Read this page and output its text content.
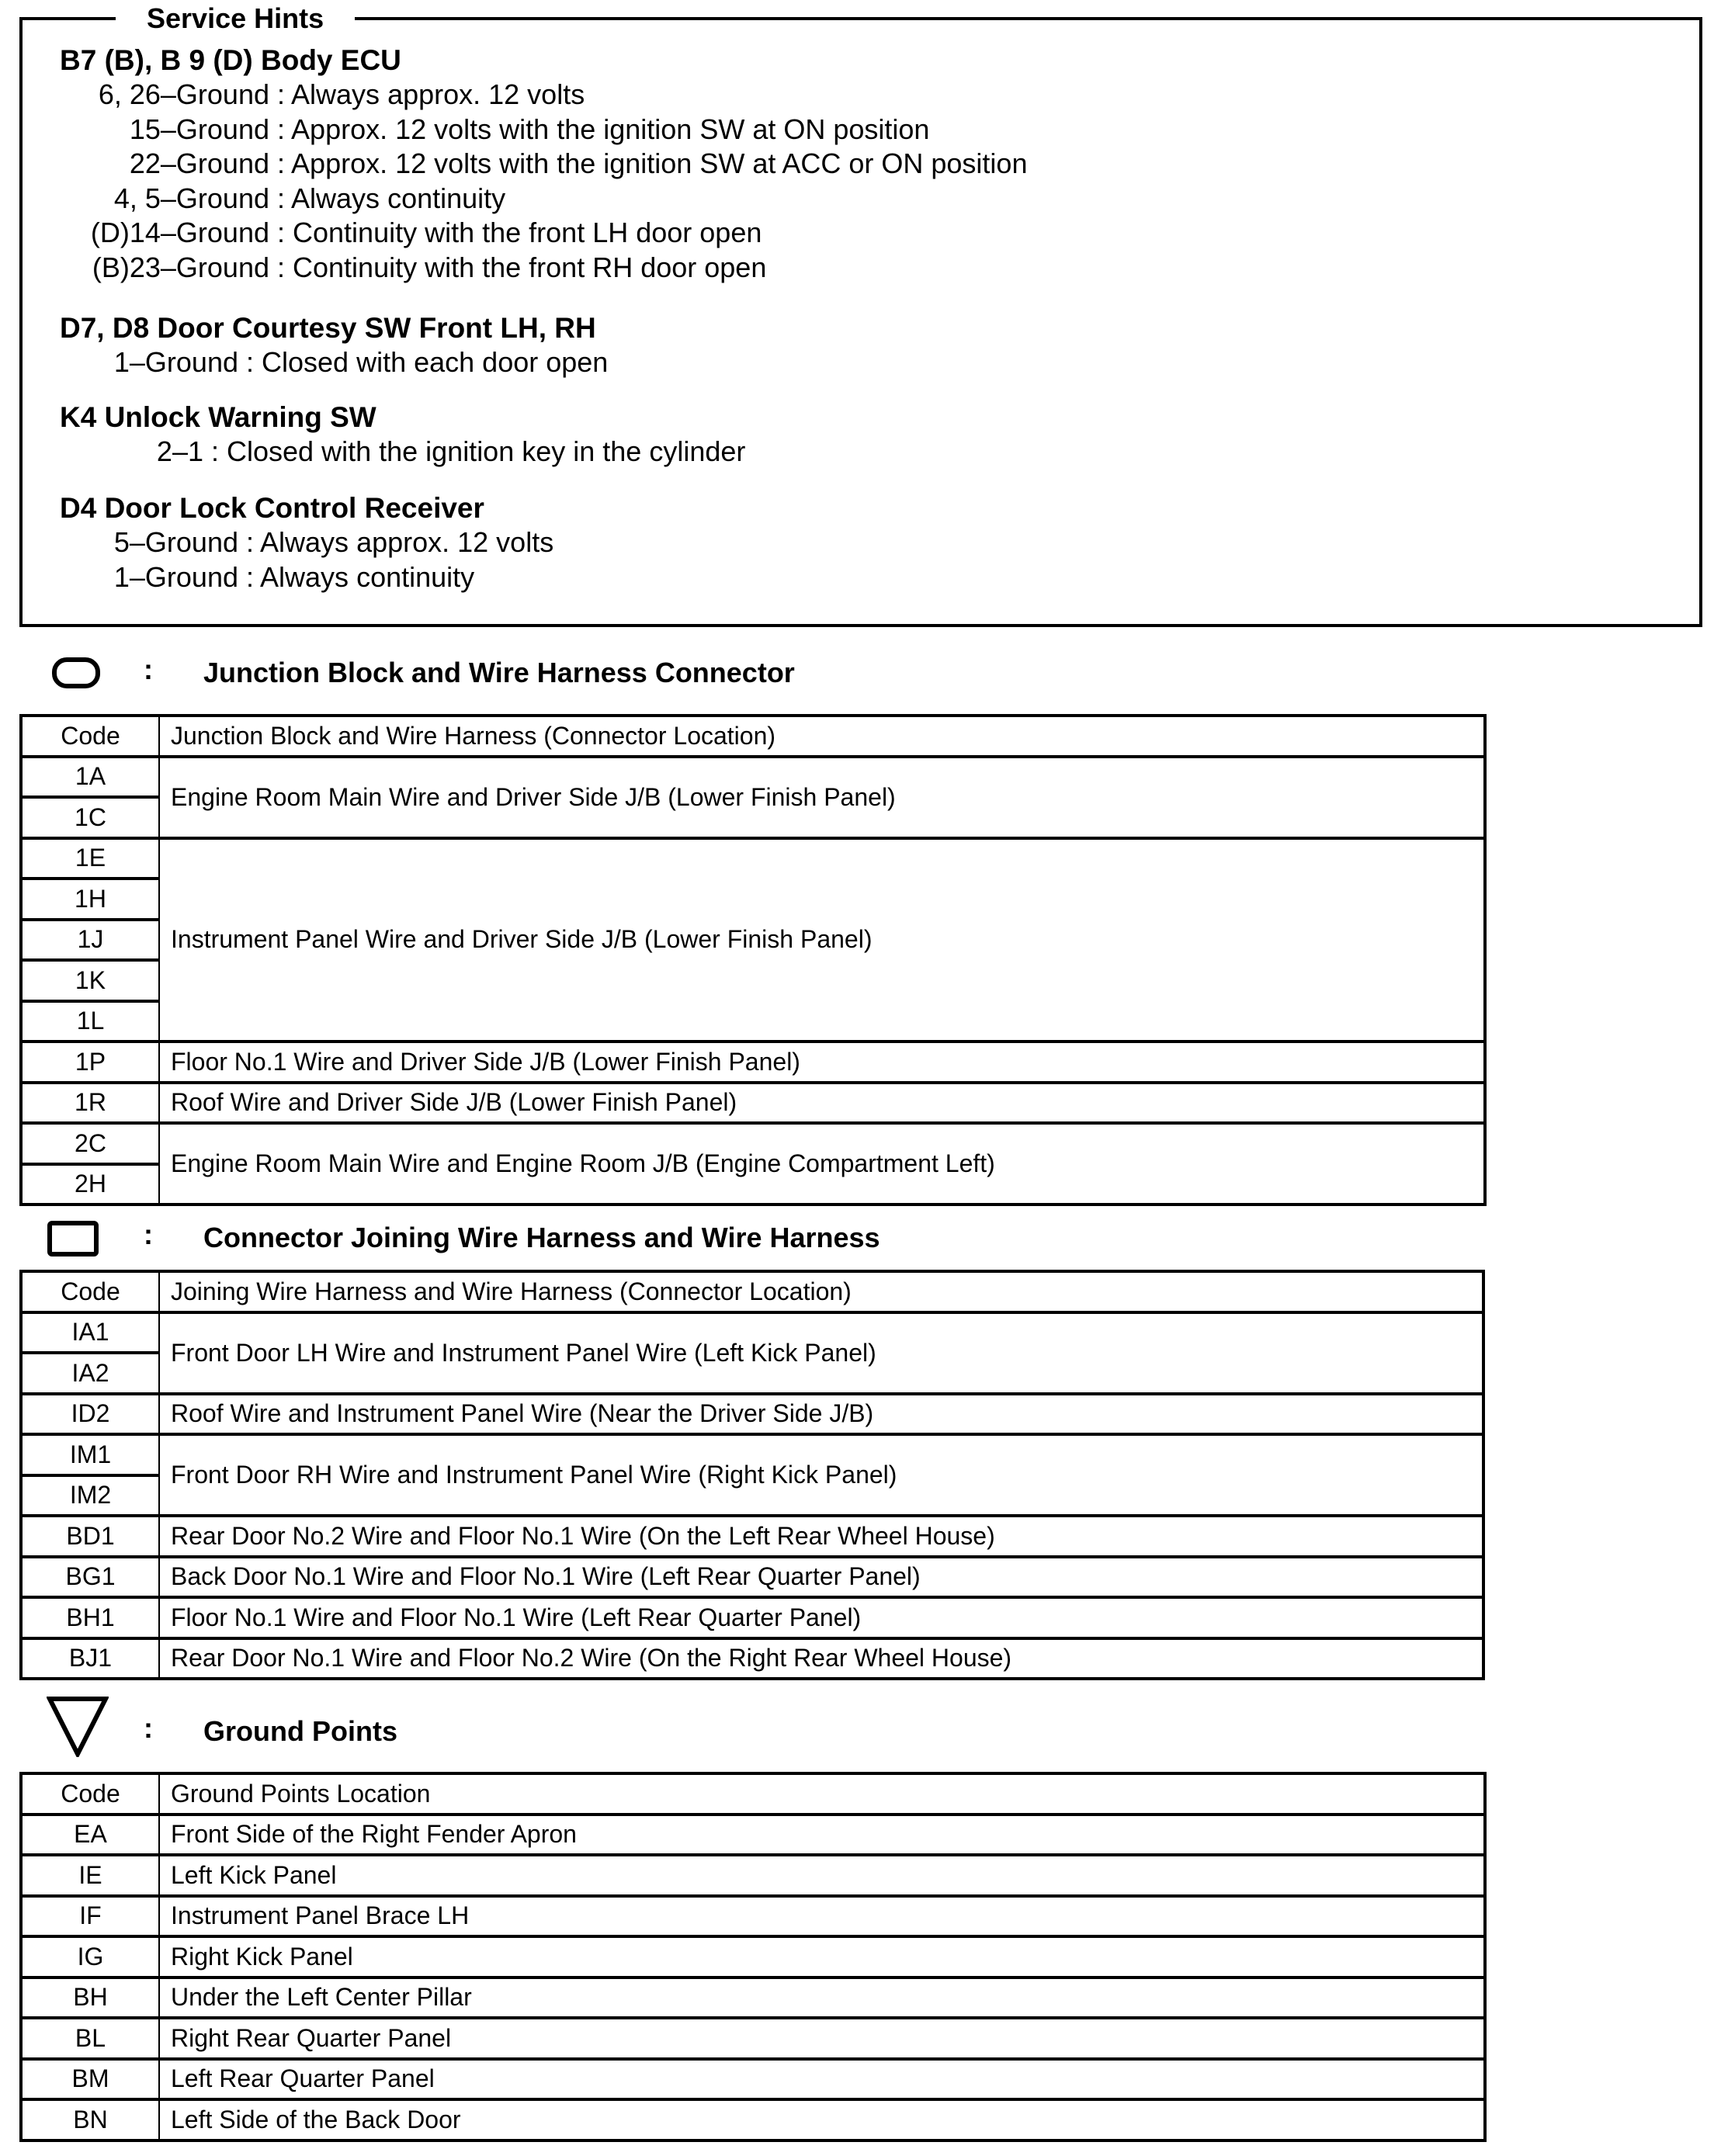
Service Hints
B7 (B), B 9 (D) Body ECU
6, 26–Ground : Always approx. 12 volts
15–Ground : Approx. 12 volts with the ignition SW at ON position
22–Ground : Approx. 12 volts with the ignition SW at ACC or ON position
4, 5–Ground : Always continuity
(D)14–Ground : Continuity with the front LH door open
(B)23–Ground : Continuity with the front RH door open
D7, D8 Door Courtesy SW Front LH, RH
1–Ground : Closed with each door open
K4 Unlock Warning SW
2–1 : Closed with the ignition key in the cylinder
D4 Door Lock Control Receiver
5–Ground : Always approx. 12 volts
1–Ground : Always continuity
: Junction Block and Wire Harness Connector
Code	Junction Block and Wire Harness (Connector Location)
1A	Engine Room Main Wire and Driver Side J/B (Lower Finish Panel)
1C	
1E	Instrument Panel Wire and Driver Side J/B (Lower Finish Panel)
1H	
1J	
1K	
1L	
1P	Floor No.1 Wire and Driver Side J/B (Lower Finish Panel)
1R	Roof Wire and Driver Side J/B (Lower Finish Panel)
2C	Engine Room Main Wire and Engine Room J/B (Engine Compartment Left)
2H	
: Connector Joining Wire Harness and Wire Harness
Code	Joining Wire Harness and Wire Harness (Connector Location)
IA1	Front Door LH Wire and Instrument Panel Wire (Left Kick Panel)
IA2	
ID2	Roof Wire and Instrument Panel Wire (Near the Driver Side J/B)
IM1	Front Door RH Wire and Instrument Panel Wire (Right Kick Panel)
IM2	
BD1	Rear Door No.2 Wire and Floor No.1 Wire (On the Left Rear Wheel House)
BG1	Back Door No.1 Wire and Floor No.1 Wire (Left Rear Quarter Panel)
BH1	Floor No.1 Wire and Floor No.1 Wire (Left Rear Quarter Panel)
BJ1	Rear Door No.1 Wire and Floor No.2 Wire (On the Right Rear Wheel House)
: Ground Points
Code	Ground Points Location
EA	Front Side of the Right Fender Apron
IE	Left Kick Panel
IF	Instrument Panel Brace LH
IG	Right Kick Panel
BH	Under the Left Center Pillar
BL	Right Rear Quarter Panel
BM	Left Rear Quarter Panel
BN	Left Side of the Back Door
